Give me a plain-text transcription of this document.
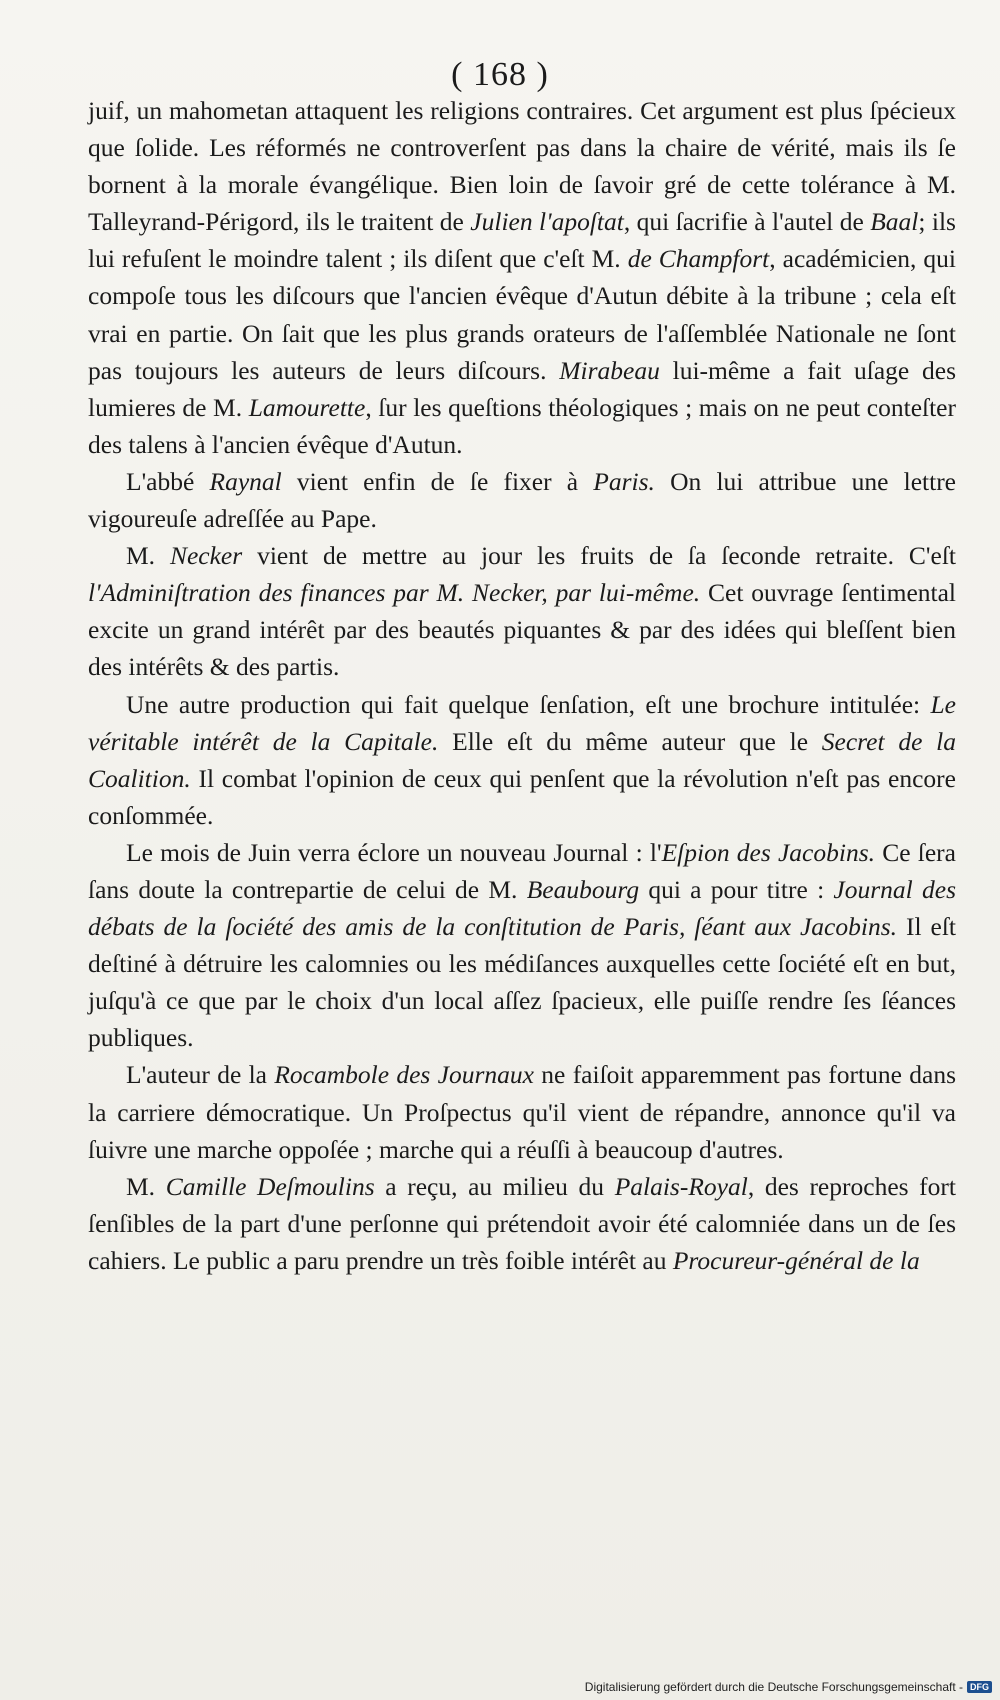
( 168 )

juif, un mahometan attaquent les religions contraires. Cet argument est plus ſpécieux que ſolide. Les réformés ne controverſent pas dans la chaire de vérité, mais ils ſe bornent à la morale évangélique. Bien loin de ſavoir gré de cette tolérance à M. Talleyrand-Périgord, ils le traitent de Julien l'apoſtat, qui ſacrifie à l'autel de Baal; ils lui refuſent le moindre talent ; ils diſent que c'eſt M. de Champfort, académicien, qui compoſe tous les diſcours que l'ancien évêque d'Autun débite à la tribune ; cela eſt vrai en partie. On ſait que les plus grands orateurs de l'aſſemblée Nationale ne ſont pas toujours les auteurs de leurs diſcours. Mirabeau lui-même a fait uſage des lumieres de M. Lamourette, ſur les queſtions théologiques ; mais on ne peut conteſter des talens à l'ancien évêque d'Autun.

L'abbé Raynal vient enfin de ſe fixer à Paris. On lui attribue une lettre vigoureuſe adreſſée au Pape.

M. Necker vient de mettre au jour les fruits de ſa ſeconde retraite. C'eſt l'Adminiſtration des finances par M. Necker, par lui-même. Cet ouvrage ſentimental excite un grand intérêt par des beautés piquantes & par des idées qui bleſſent bien des intérêts & des partis.

Une autre production qui fait quelque ſenſation, eſt une brochure intitulée: Le véritable intérêt de la Capitale. Elle eſt du même auteur que le Secret de la Coalition. Il combat l'opinion de ceux qui penſent que la révolution n'eſt pas encore conſommée.

Le mois de Juin verra éclore un nouveau Journal : l'Eſpion des Jacobins. Ce ſera ſans doute la contrepartie de celui de M. Beaubourg qui a pour titre : Journal des débats de la ſociété des amis de la conſtitution de Paris, ſéant aux Jacobins. Il eſt deſtiné à détruire les calomnies ou les médiſances auxquelles cette ſociété eſt en but, juſqu'à ce que par le choix d'un local aſſez ſpacieux, elle puiſſe rendre ſes ſéances publiques.

L'auteur de la Rocambole des Journaux ne faiſoit apparemment pas fortune dans la carriere démocratique. Un Proſpectus qu'il vient de répandre, annonce qu'il va ſuivre une marche oppoſée ; marche qui a réuſſi à beaucoup d'autres.

M. Camille Deſmoulins a reçu, au milieu du Palais-Royal, des reproches fort ſenſibles de la part d'une perſonne qui prétendoit avoir été calomniée dans un de ſes cahiers. Le public a paru prendre un très foible intérêt au Procureur-général de la

Digitalisierung gefördert durch die Deutsche Forschungsgemeinschaft - DFG
